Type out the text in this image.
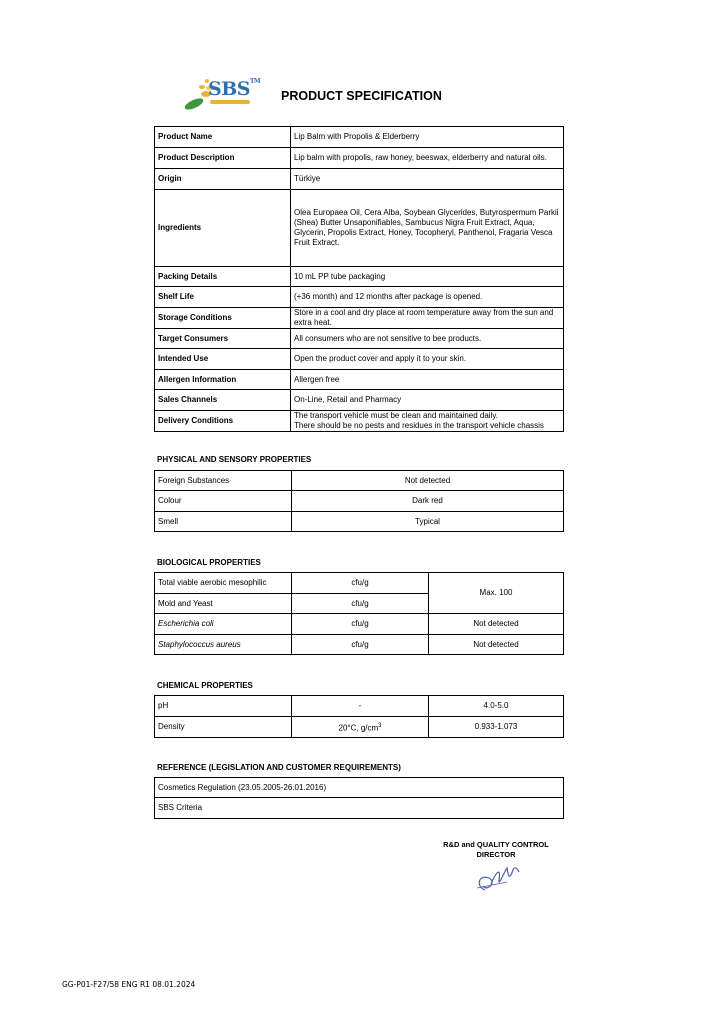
SBS™
PRODUCT SPECIFICATION
Product Name	Lip Balm with Propolis & Elderberry
Product Description	Lip balm with propolis, raw honey, beeswax, elderberry and natural oils.
Origin	Türkiye
Ingredients	Olea Europaea Oil, Cera Alba, Soybean Glycerides, Butyrospermum Parkii (Shea) Butter Unsaponifiables, Sambucus Nigra Fruit Extract, Aqua, Glycerin, Propolis Extract, Honey, Tocopheryl, Panthenol, Fragaria Vesca Fruit Extract.
Packing Details	10 mL PP tube packaging
Shelf Life	(+36 month) and 12 months after package is opened.
Storage Conditions	Store in a cool and dry place at room temperature away from the sun and extra heat.
Target Consumers	All consumers who are not sensitive to bee products.
Intended Use	Open the product cover and apply it to your skin.
Allergen Information	Allergen free
Sales Channels	On-Line, Retail and Pharmacy
Delivery Conditions	The transport vehicle must be clean and maintained daily.
There should be no pests and residues in the transport vehicle chassis
PHYSICAL AND SENSORY PROPERTIES
Foreign Substances	Not detected
Colour	Dark red
Smell	Typical
BIOLOGICAL PROPERTIES
Total viable aerobic mesophilic	cfu/g	Max. 100
Mold and Yeast	cfu/g	
Escherichia coli	cfu/g	Not detected
Staphylococcus aureus	cfu/g	Not detected
CHEMICAL PROPERTIES
pH	-	4.0-5.0
Density	20°C, $g/cm^3$	0.933-1.073
REFERENCE (LEGISLATION AND CUSTOMER REQUIREMENTS)
Cosmetics Regulation (23.05.2005-26.01.2016)
SBS Criteria
R&D and QUALITY CONTROL
DIRECTOR
GG-P01-F27/58 ENG R1 08.01.2024
